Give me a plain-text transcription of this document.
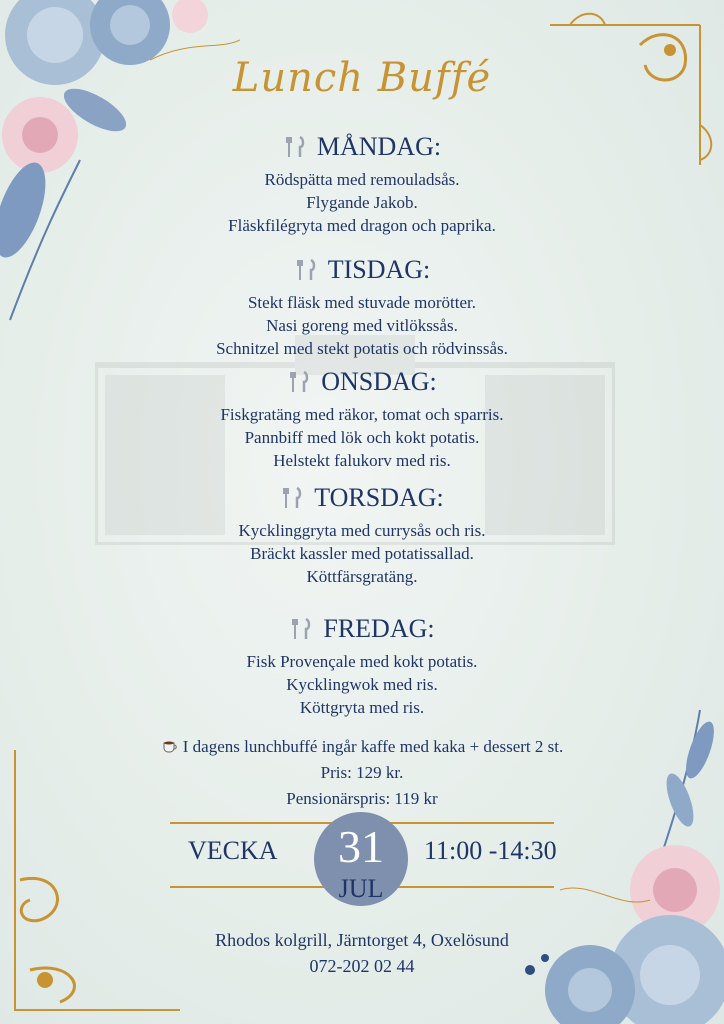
Lunch Buffé
MÅNDAG:
Rödspätta med remouladsås.
Flygande Jakob.
Fläskfilégryta med dragon och paprika.
TISDAG:
Stekt fläsk med stuvade morötter.
Nasi goreng med vitlökssås.
Schnitzel med stekt potatis och rödvinssås.
ONSDAG:
Fiskgratäng med räkor, tomat och sparris.
Pannbiff med lök och kokt potatis.
Helstekt falukorv med ris.
TORSDAG:
Kycklinggryta med currysås och ris.
Bräckt kassler med potatissallad.
Köttfärsgratäng.
FREDAG:
Fisk Provençale med kokt potatis.
Kycklingwok med ris.
Köttgryta med ris.
I dagens lunchbuffé ingår kaffe med kaka + dessert 2 st.
Pris: 129 kr.
Pensionärspris: 119 kr
VECKA	31
JUL
11:00 -14:30
Rhodos kolgrill, Järntorget 4, Oxelösund
072-202 02 44
